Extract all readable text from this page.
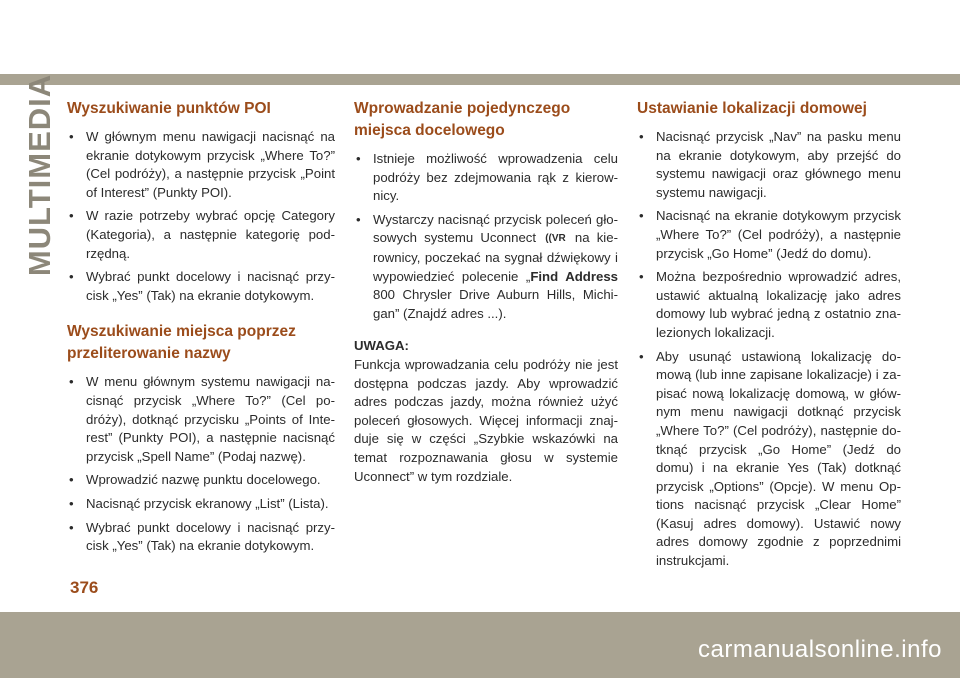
MULTIMEDIA Wyszukiwanie punktów POI
• W głównym menu nawigacji nacisnąć na ekranie dotykowym przycisk „Where To?” (Cel podróży), a następnie przycisk „Point of Interest” (Punkty POI).
• W razie potrzeby wybrać opcję Category (Kategoria), a następnie kategorię pod-rzędną.
• Wybrać punkt docelowy i nacisnąć przy-cisk „Yes” (Tak) na ekranie dotykowym.
Wyszukiwanie miejsca poprzez przeliterowanie nazwy
• W menu głównym systemu nawigacji na-cisnąć przycisk „Where To?” (Cel po-dróży), dotknąć przycisku „Points of Inte-rest” (Punkty POI), a następnie nacisnąć przycisk „Spell Name” (Podaj nazwę).
• Wprowadzić nazwę punktu docelowego.
• Nacisnąć przycisk ekranowy „List” (Lista).
• Wybrać punkt docelowy i nacisnąć przy-cisk „Yes” (Tak) na ekranie dotykowym.
Wprowadzanie pojedynczego miejsca docelowego
• Istnieje możliwość wprowadzenia celu podróży bez zdejmowania rąk z kierow-nicy.
• Wystarczy nacisnąć przycisk poleceń gło-sowych systemu Uconnect ((VR na kie-rownicy, poczekać na sygnał dźwiękowy i wypowiedzieć polecenie „Find Address 800 Chrysler Drive Auburn Hills, Michi-gan” (Znajdź adres ...).
UWAGA:
Funkcja wprowadzania celu podróży nie jest dostępna podczas jazdy. Aby wprowadzić adres podczas jazdy, można również użyć poleceń głosowych. Więcej informacji znaj-duje się w części „Szybkie wskazówki na temat rozpoznawania głosu w systemie Uconnect” w tym rozdziale.
Ustawianie lokalizacji domowej
• Nacisnąć przycisk „Nav” na pasku menu na ekranie dotykowym, aby przejść do systemu nawigacji oraz głównego menu systemu nawigacji.
• Nacisnąć na ekranie dotykowym przycisk „Where To?” (Cel podróży), a następnie przycisk „Go Home” (Jedź do domu).
• Można bezpośrednio wprowadzić adres, ustawić aktualną lokalizację jako adres domowy lub wybrać jedną z ostatnio zna-lezionych lokalizacji.
• Aby usunąć ustawioną lokalizację do-mową (lub inne zapisane lokalizacje) i za-pisać nową lokalizację domową, w głów-nym menu nawigacji dotknąć przycisk „Where To?” (Cel podróży), następnie do-tknąć przycisk „Go Home” (Jedź do domu) i na ekranie Yes (Tak) dotknąć przycisk „Options” (Opcje). W menu Op-tions nacisnąć przycisk „Clear Home” (Kasuj adres domowy). Ustawić nowy adres domowy zgodnie z poprzednimi instrukcjami.
376
carmanualsonline.info
